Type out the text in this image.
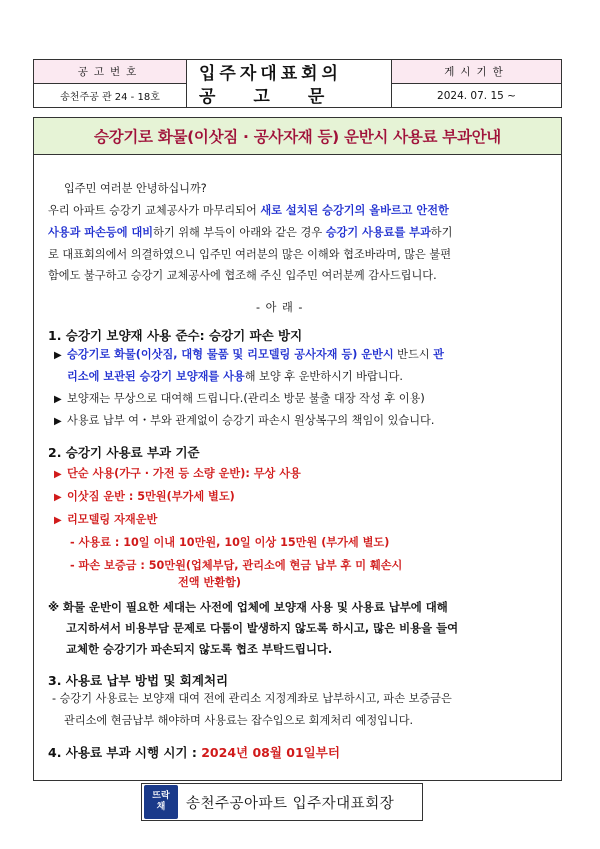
공고번호
송천주공 관 24 - 18호
입주자대표회의
공고문
게시기한
2024. 07. 15 ~
승강기로 화물(이삿짐 · 공사자재 등) 운반시 사용료 부과안내
입주민 여러분 안녕하십니까?
우리 아파트 승강기 교체공사가 마무리되어 새로 설치된 승강기의 올바르고 안전한
사용과 파손등에 대비하기 위해 부득이 아래와 같은 경우 승강기 사용료를 부과하기
로 대표회의에서 의결하였으니 입주민 여러분의 많은 이해와 협조바라며, 많은 불편
함에도 불구하고 승강기 교체공사에 협조해 주신 입주민 여러분께 감사드립니다.
- 아 래 -
1. 승강기 보양재 사용 준수: 승강기 파손 방지
▶ 승강기로 화물(이삿짐, 대형 물품 및 리모델링 공사자재 등) 운반시 반드시 관
리소에 보관된 승강기 보양재를 사용해 보양 후 운반하시기 바랍니다.
▶ 보양재는 무상으로 대여해 드립니다.(관리소 방문 불출 대장 작성 후 이용)
▶ 사용료 납부 여・부와 관계없이 승강기 파손시 원상복구의 책임이 있습니다.
2. 승강기 사용료 부과 기준
▶ 단순 사용(가구 · 가전 등 소량 운반): 무상 사용
▶ 이삿짐 운반 : 5만원(부가세 별도)
▶ 리모델링 자재운반
- 사용료 : 10일 이내 10만원, 10일 이상 15만원 (부가세 별도)
- 파손 보증금 : 50만원(업체부담, 관리소에 현금 납부 후 미 훼손시
전액 반환함)
※ 화물 운반이 필요한 세대는 사전에 업체에 보양재 사용 및 사용료 납부에 대해
고지하셔서 비용부담 문제로 다툼이 발생하지 않도록 하시고, 많은 비용을 들여
교체한 승강기가 파손되지 않도록 협조 부탁드립니다.
3. 사용료 납부 방법 및 회계처리
- 승강기 사용료는 보양재 대여 전에 관리소 지정계좌로 납부하시고, 파손 보증금은
관리소에 현금납부 해야하며 사용료는 잡수입으로 회계처리 예정입니다.
4. 사용료 부과 시행 시기 : 2024년 08월 01일부터
뜨락
채 송천주공아파트 입주자대표회장
